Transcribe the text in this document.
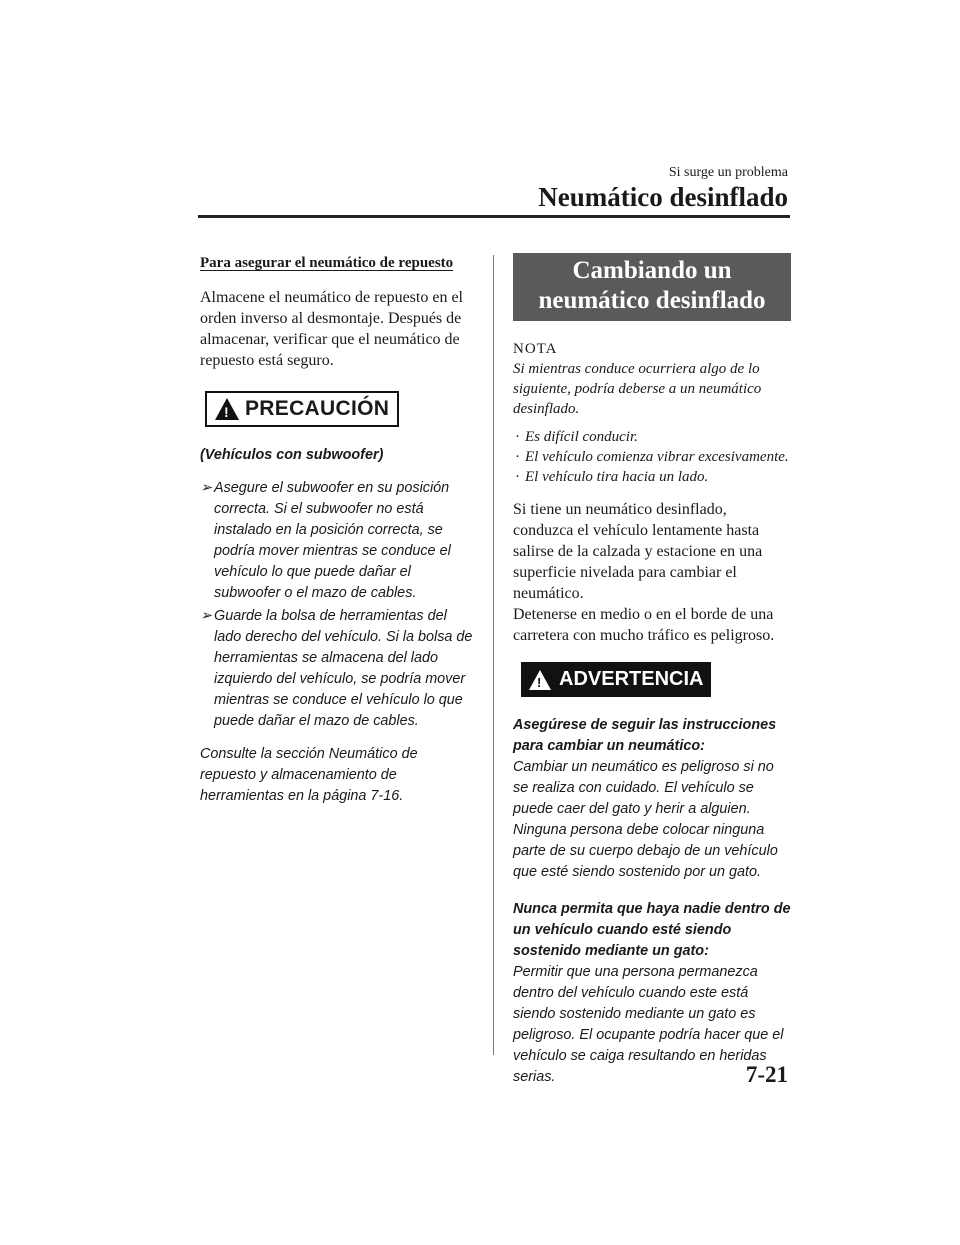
Si surge un problema
Neumático desinflado

Para asegurar el neumático de repuesto

Almacene el neumático de repuesto en el orden inverso al desmontaje. Después de almacenar, verificar que el neumático de repuesto está seguro.

!
PRECAUCIÓN
(Vehículos con subwoofer)
➢ Asegure el subwoofer en su posición correcta. Si el subwoofer no está instalado en la posición correcta, se podría mover mientras se conduce el vehículo lo que puede dañar el subwoofer o el mazo de cables.
➢ Guarde la bolsa de herramientas del lado derecho del vehículo. Si la bolsa de herramientas se almacena del lado izquierdo del vehículo, se podría mover mientras se conduce el vehículo lo que puede dañar el mazo de cables.
Consulte la sección Neumático de repuesto y almacenamiento de herramientas en la página 7-16.
Cambiando un neumático desinflado
NOTA
Si mientras conduce ocurriera algo de lo siguiente, podría deberse a un neumático desinflado.
· Es difícil conducir.
· El vehículo comienza vibrar excesivamente.
· El vehículo tira hacia un lado.

Si tiene un neumático desinflado, conduzca el vehículo lentamente hasta salirse de la calzada y estacione en una superficie nivelada para cambiar el neumático.

Detenerse en medio o en el borde de una carretera con mucho tráfico es peligroso.

!
ADVERTENCIA
Asegúrese de seguir las instrucciones para cambiar un neumático:
Cambiar un neumático es peligroso si no se realiza con cuidado. El vehículo se puede caer del gato y herir a alguien.
Ninguna persona debe colocar ninguna parte de su cuerpo debajo de un vehículo que esté siendo sostenido por un gato.
Nunca permita que haya nadie dentro de un vehículo cuando esté siendo sostenido mediante un gato:
Permitir que una persona permanezca dentro del vehículo cuando este está siendo sostenido mediante un gato es peligroso. El ocupante podría hacer que el vehículo se caiga resultando en heridas serias.	7-21
